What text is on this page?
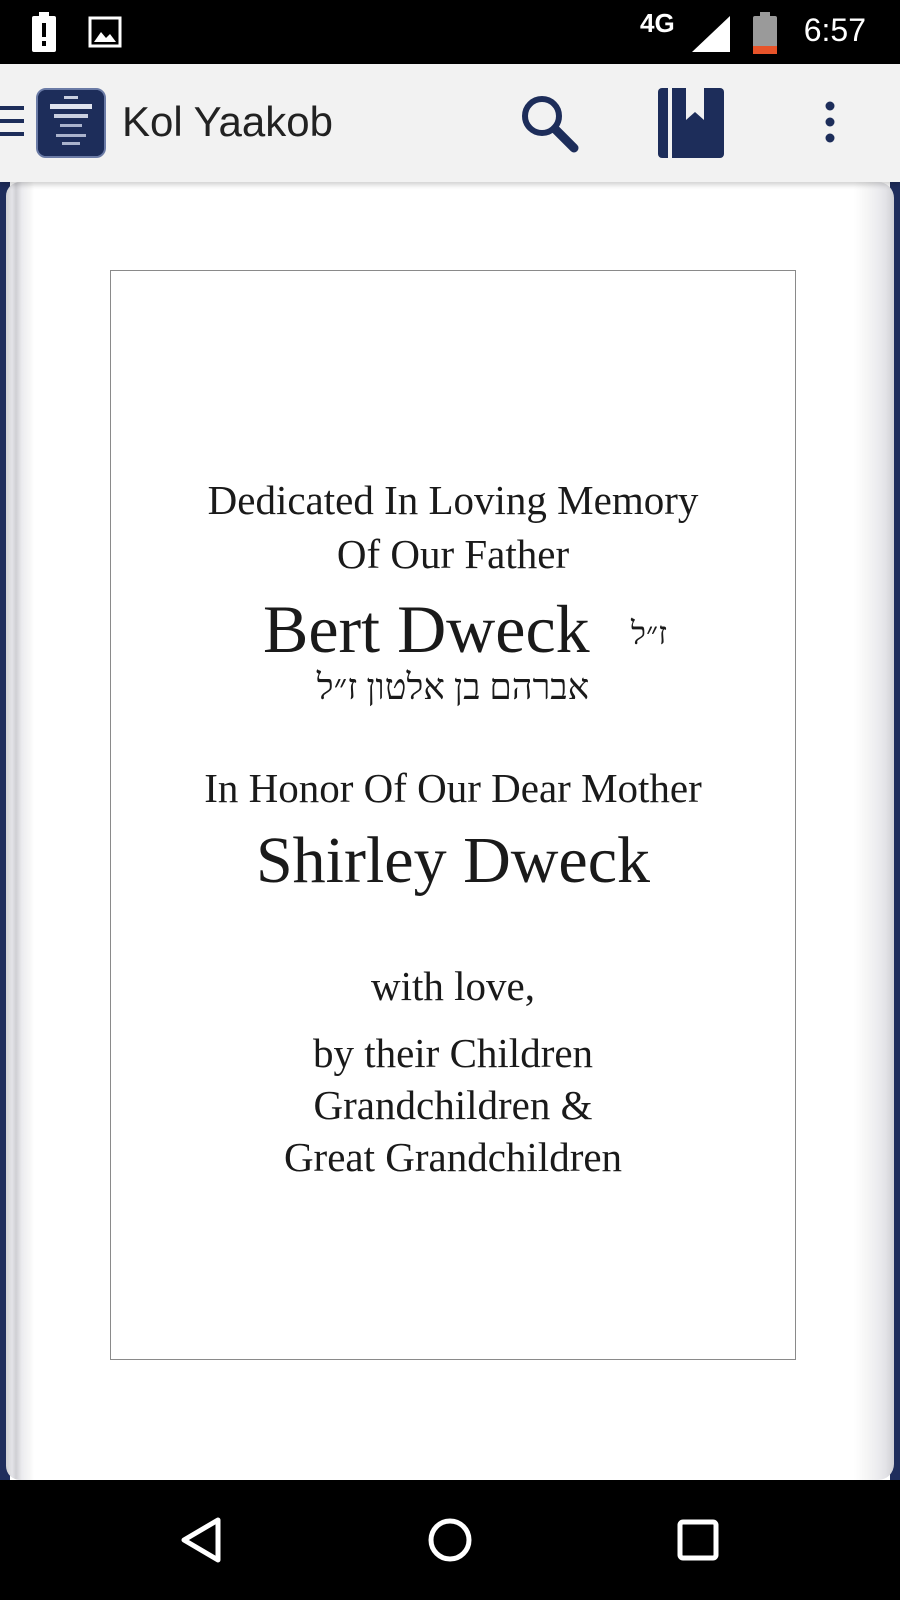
4G	6:57
Kol Yaakob
Dedicated In Loving Memory
Of Our Father
Bert Dweck ז״ל
אברהם בן אלטון ז״ל
In Honor Of Our Dear Mother
Shirley Dweck
with love,
by their Children
Grandchildren &
Great Grandchildren
